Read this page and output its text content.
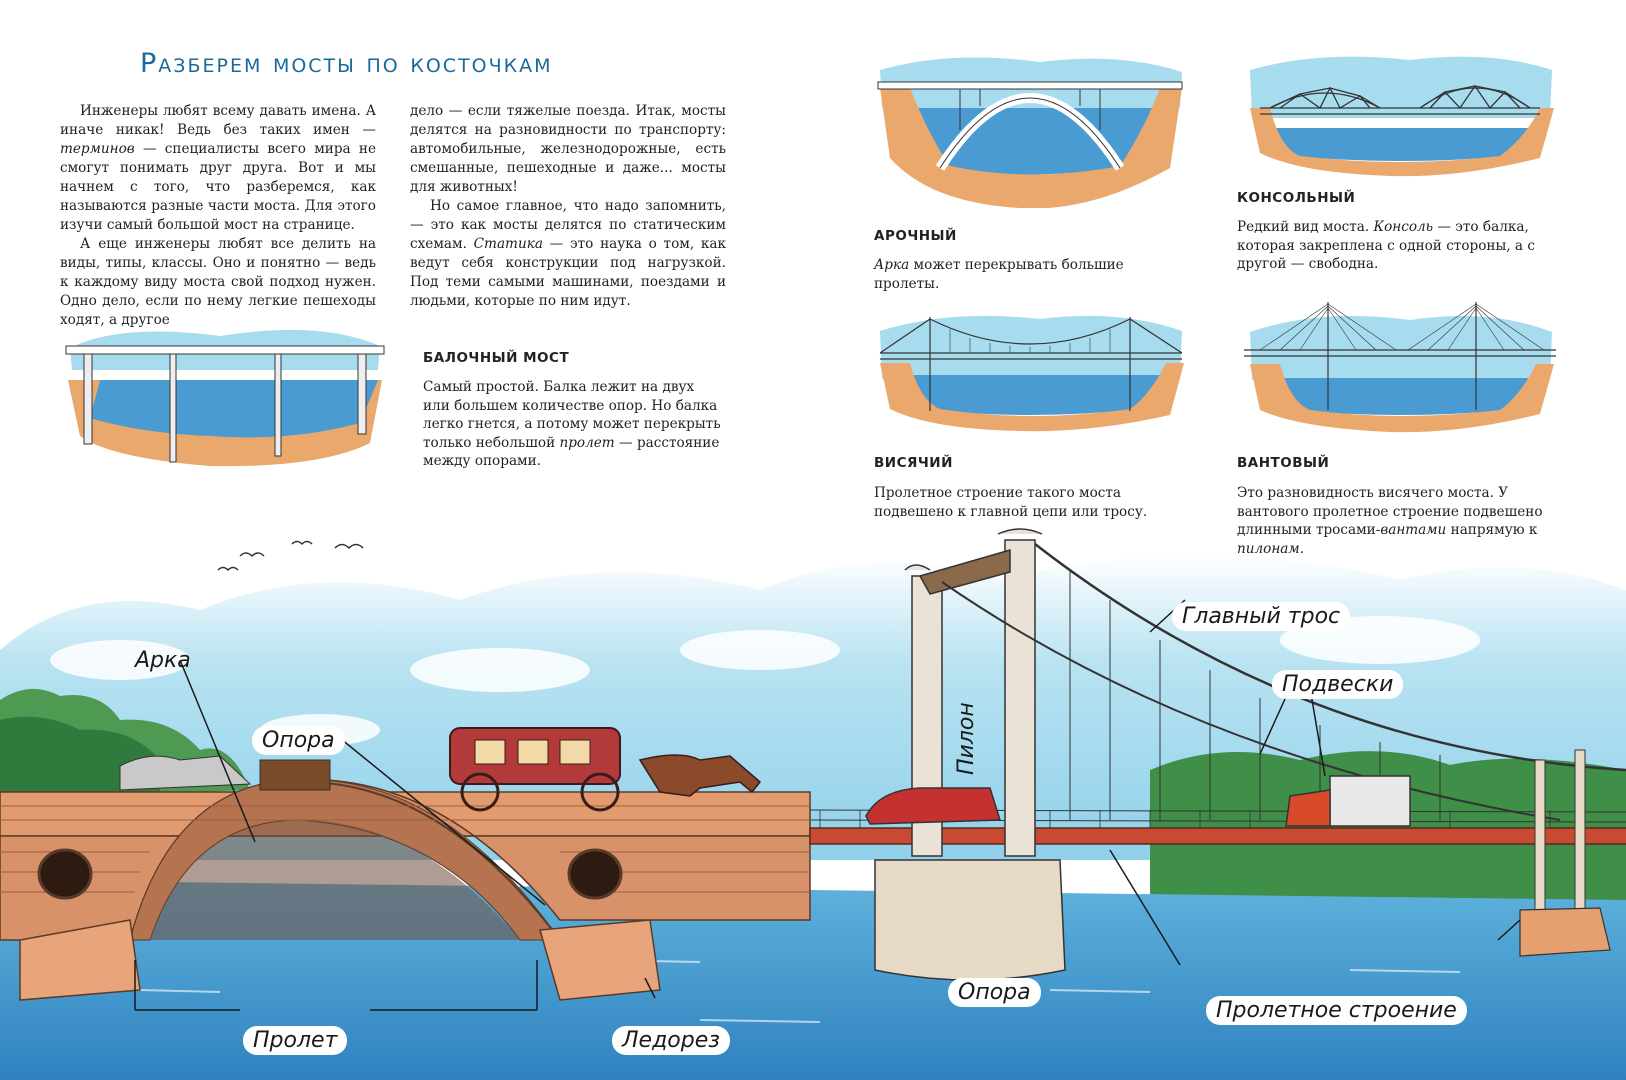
Разберем мосты по косточкам

Инженеры любят всему давать имена. А иначе никак! Ведь без таких имен — терминов — специалисты всего мира не смогут понимать друг друга. Вот и мы начнем с того, что разберемся, как называются разные части моста. Для этого изучи самый большой мост на странице.

А еще инженеры любят все делить на виды, типы, классы. Оно и понятно — ведь к каждому виду моста свой подход нужен. Одно дело, если по нему легкие пешеходы ходят, а другое

дело — если тяжелые поезда. Итак, мосты делятся на разновидности по транспорту: автомобильные, железнодорожные, есть смешанные, пешеходные и даже... мосты для животных!

Но самое главное, что надо запомнить, — это как мосты делятся по статическим схемам. Статика — это наука о том, как ведут себя конструкции под нагрузкой. Под теми самыми машинами, поездами и людьми, которые по ним идут.

БАЛОЧНЫЙ МОСТ
Самый простой. Балка лежит на двух или большем количестве опор. Но балка легко гнется, а потому может перекрыть только небольшой пролет — расстояние между опорами.
АРОЧНЫЙ
Арка может перекрывать большие пролеты.
КОНСОЛЬНЫЙ
Редкий вид моста. Консоль — это балка, которая закреплена с одной стороны, а с другой — свободна.
ВИСЯЧИЙ
Пролетное строение такого моста подвешено к главной цепи или тросу.
ВАНТОВЫЙ
Это разновидность висячего моста. У вантового пролетное строение подвешено длинными тросами-вантами напрямую к пилонам.
Арка
Опора
Пролет	Ледорез
Пилон
Главный трос
Подвески
Опора
Пролетное строение
